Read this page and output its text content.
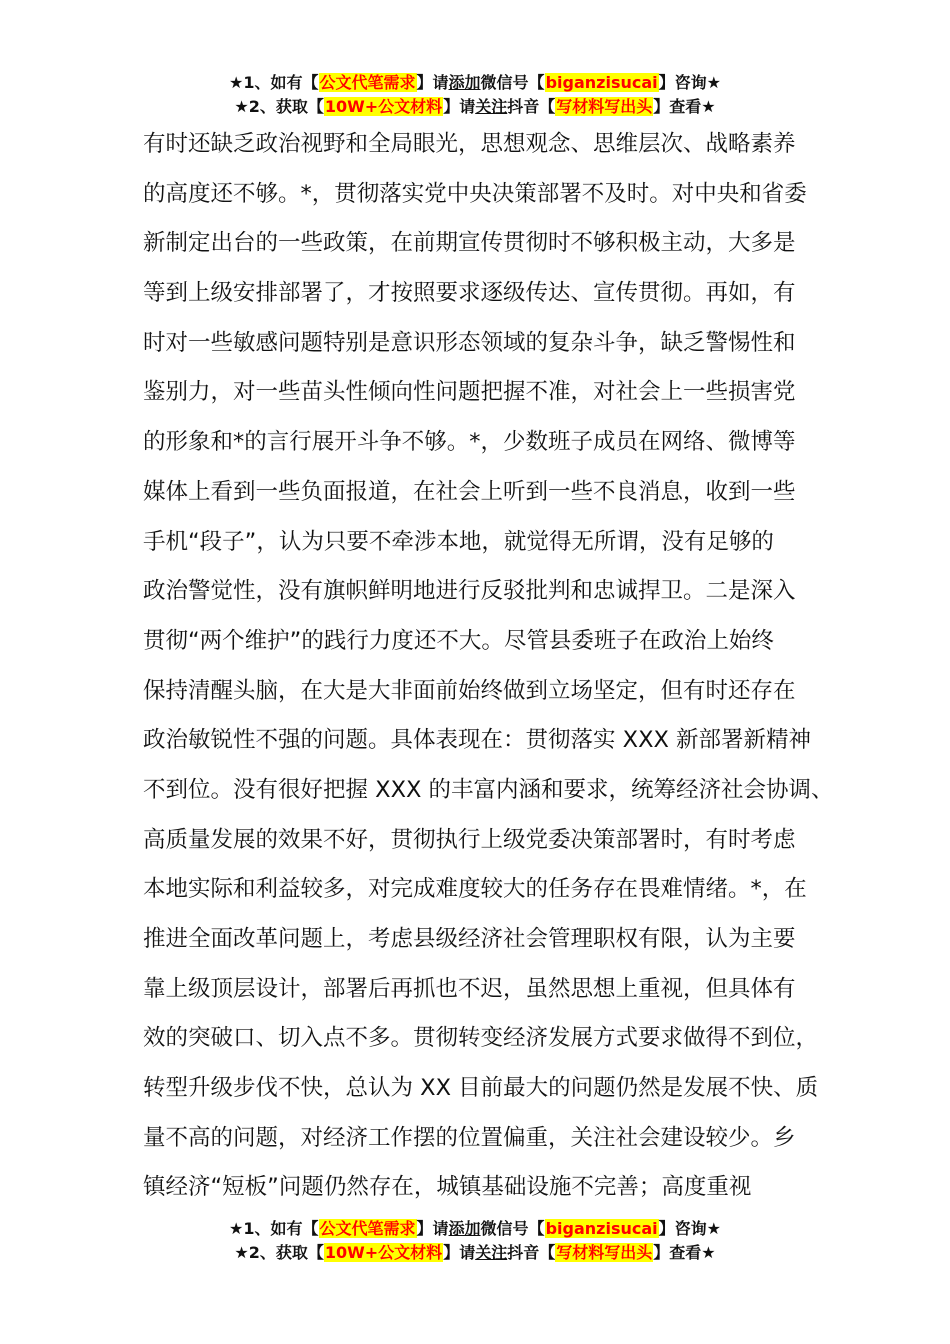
★1、如有【公文代笔需求】请添加微信号【biganzisucai】咨询★
★2、获取【10W+公文材料】请关注抖音【写材料写出头】查看★
有时还缺乏政治视野和全局眼光，思想观念、思维层次、战略素养
的高度还不够。*，贯彻落实党中央决策部署不及时。对中央和省委
新制定出台的一些政策，在前期宣传贯彻时不够积极主动，大多是
等到上级安排部署了，才按照要求逐级传达、宣传贯彻。再如，有
时对一些敏感问题特别是意识形态领域的复杂斗争，缺乏警惕性和
鉴别力，对一些苗头性倾向性问题把握不准，对社会上一些损害党
的形象和*的言行展开斗争不够。*，少数班子成员在网络、微博等
媒体上看到一些负面报道，在社会上听到一些不良消息，收到一些
手机“段子”，认为只要不牵涉本地，就觉得无所谓，没有足够的
政治警觉性，没有旗帜鲜明地进行反驳批判和忠诚捍卫。二是深入
贯彻“两个维护”的践行力度还不大。尽管县委班子在政治上始终
保持清醒头脑，在大是大非面前始终做到立场坚定，但有时还存在
政治敏锐性不强的问题。具体表现在：贯彻落实 XXX 新部署新精神
不到位。没有很好把握 XXX 的丰富内涵和要求，统筹经济社会协调、
高质量发展的效果不好，贯彻执行上级党委决策部署时，有时考虑
本地实际和利益较多，对完成难度较大的任务存在畏难情绪。*，在
推进全面改革问题上，考虑县级经济社会管理职权有限，认为主要
靠上级顶层设计，部署后再抓也不迟，虽然思想上重视，但具体有
效的突破口、切入点不多。贯彻转变经济发展方式要求做得不到位，
转型升级步伐不快，总认为 XX 目前最大的问题仍然是发展不快、质
量不高的问题，对经济工作摆的位置偏重，关注社会建设较少。乡
镇经济“短板”问题仍然存在，城镇基础设施不完善；高度重视
★1、如有【公文代笔需求】请添加微信号【biganzisucai】咨询★
★2、获取【10W+公文材料】请关注抖音【写材料写出头】查看★
